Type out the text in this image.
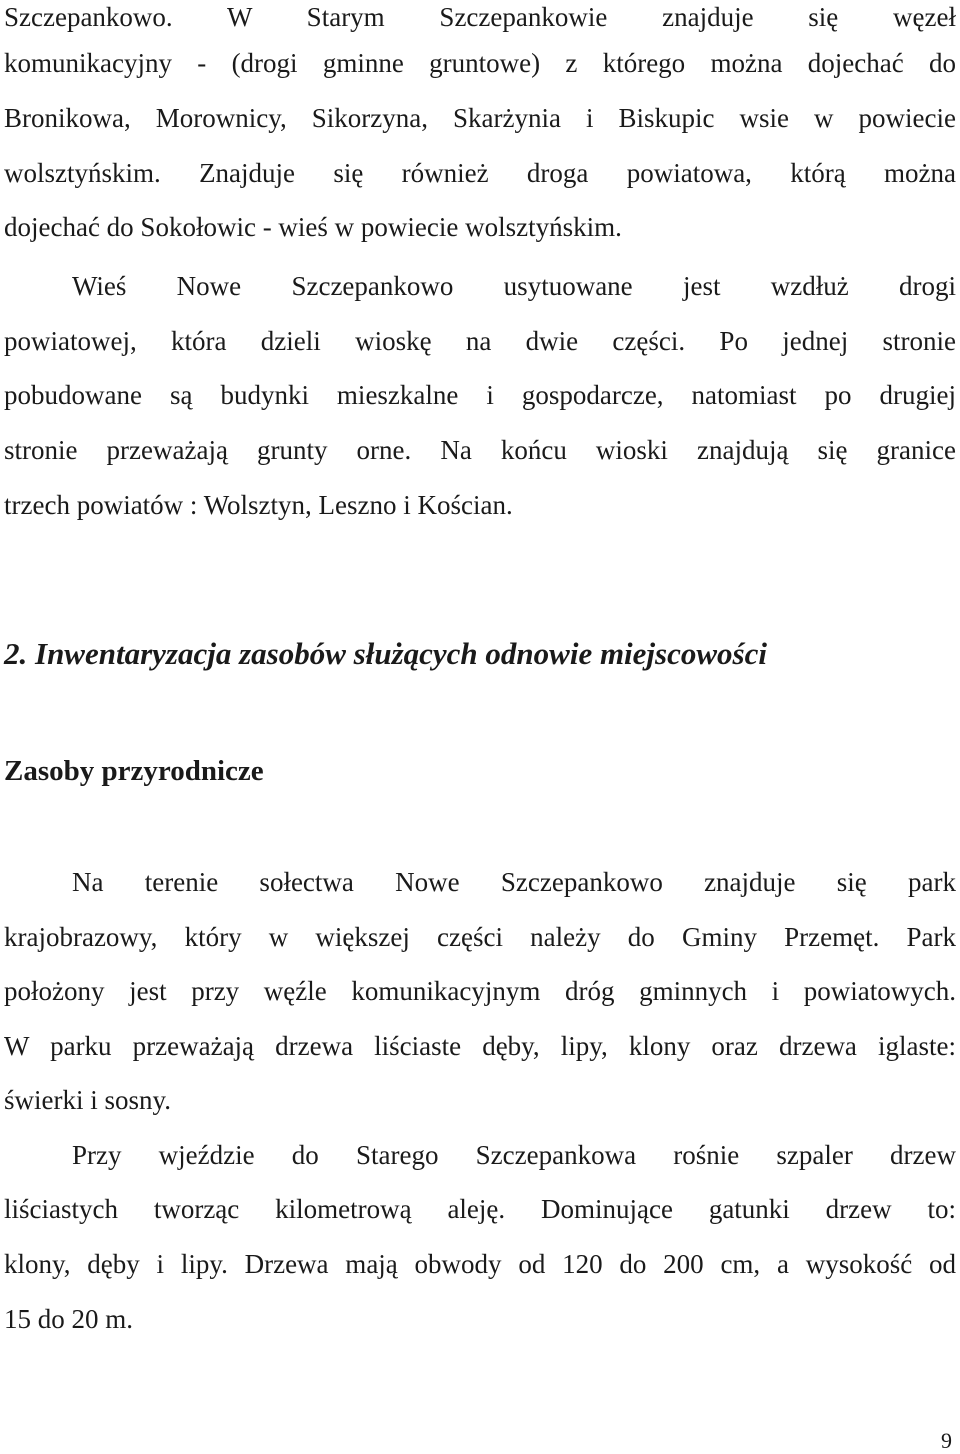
Szczepankowo. W Starym Szczepankowie znajduje się węzeł
komunikacyjny - (drogi gminne gruntowe) z którego można dojechać do
Bronikowa, Morownicy, Sikorzyna, Skarżynia i Biskupic wsie w powiecie
wolsztyńskim. Znajduje się również droga powiatowa, którą można
dojechać do Sokołowic - wieś w powiecie wolsztyńskim.
Wieś Nowe Szczepankowo usytuowane jest wzdłuż drogi
powiatowej, która dzieli wioskę na dwie części. Po jednej stronie
pobudowane są budynki mieszkalne i gospodarcze, natomiast po drugiej
stronie przeważają grunty orne. Na końcu wioski znajdują się granice
trzech powiatów : Wolsztyn, Leszno i Kościan.
2. Inwentaryzacja zasobów służących odnowie miejscowości
Zasoby przyrodnicze
Na terenie sołectwa Nowe Szczepankowo znajduje się park
krajobrazowy, który w większej części należy do Gminy Przemęt. Park
położony jest przy węźle komunikacyjnym dróg gminnych i powiatowych.
W parku przeważają drzewa liściaste dęby, lipy, klony oraz drzewa iglaste:
świerki i sosny.
Przy wjeździe do Starego Szczepankowa rośnie szpaler drzew
liściastych tworząc kilometrową aleję. Dominujące gatunki drzew to:
klony, dęby i lipy. Drzewa mają obwody od 120 do 200 cm, a wysokość od
15 do 20 m.
9
